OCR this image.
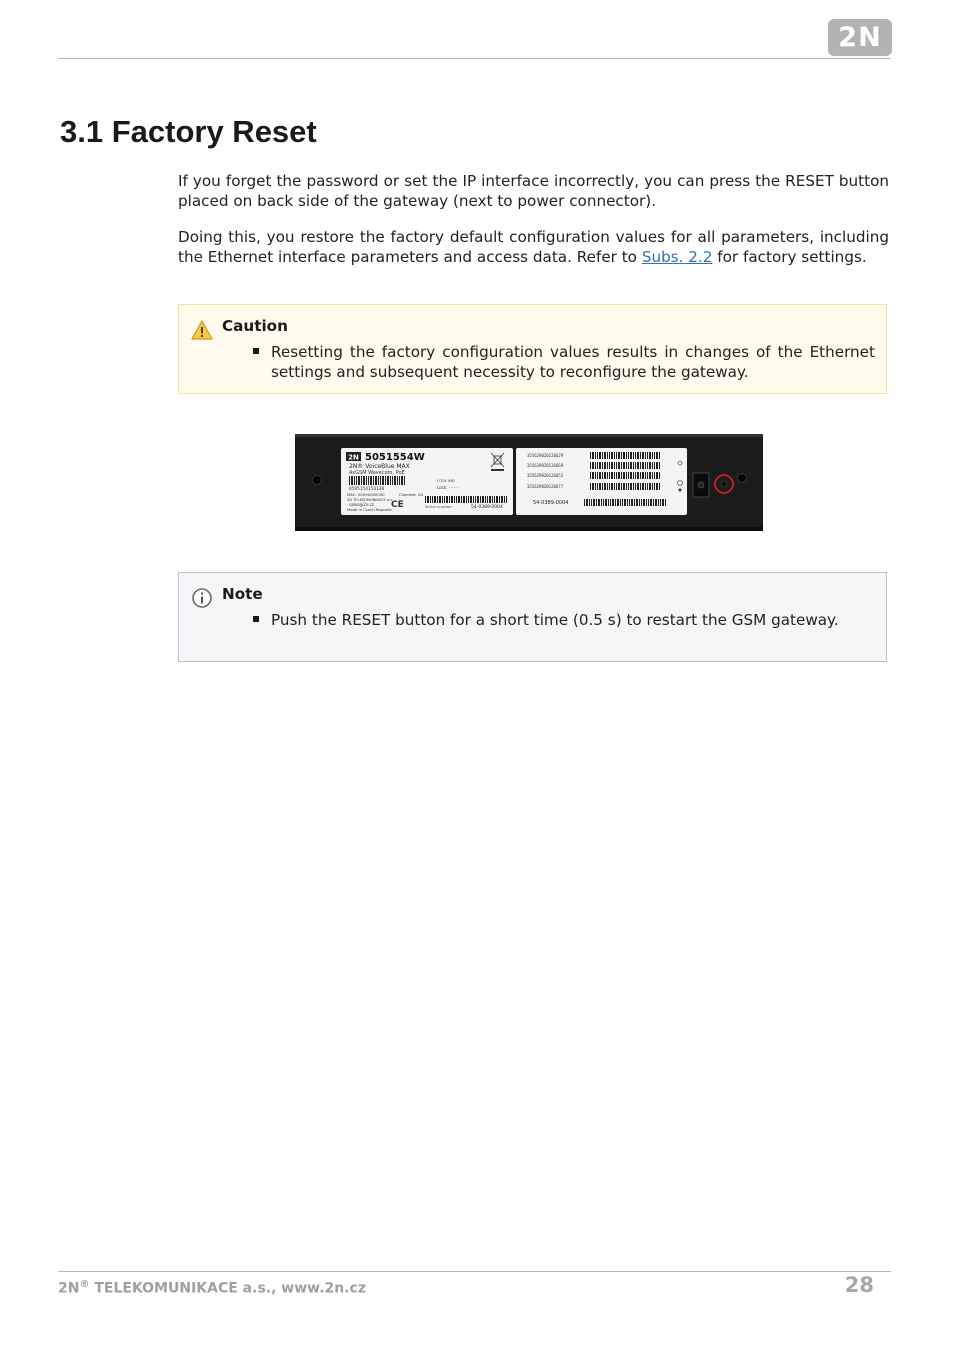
2N
3.1 Factory Reset

If you forget the password or set the IP interface incorrectly, you can press the RESET button placed on back side of the gateway (next to power connector).

Doing this, you restore the factory default configuration values for all parameters, including the Ethernet interface parameters and access data. Refer to Subs. 2.2 for factory settings.

Caution
Resetting the factory configuration values results in changes of the Ethernet settings and subsequent necessity to reconfigure the gateway.
2N 5051554W
2N® VoiceBlue MAX
4xGSM Wavecom, PoE
8595154154130
MAC: 00090000000	Checked: 2N
2N TELEKOMUNIKACE a.s.
sales@2n.cz
Made in Czech Republic
CE	Serial number:	54-0389-0004
CODE IMEI
Lock: - - - -
355629020126629
355629020126669
355629020126652
355629020126677
54-0389-0004
Note
Push the RESET button for a short time (0.5 s) to restart the GSM gateway.
2N® TELEKOMUNIKACE a.s., www.2n.cz	28
